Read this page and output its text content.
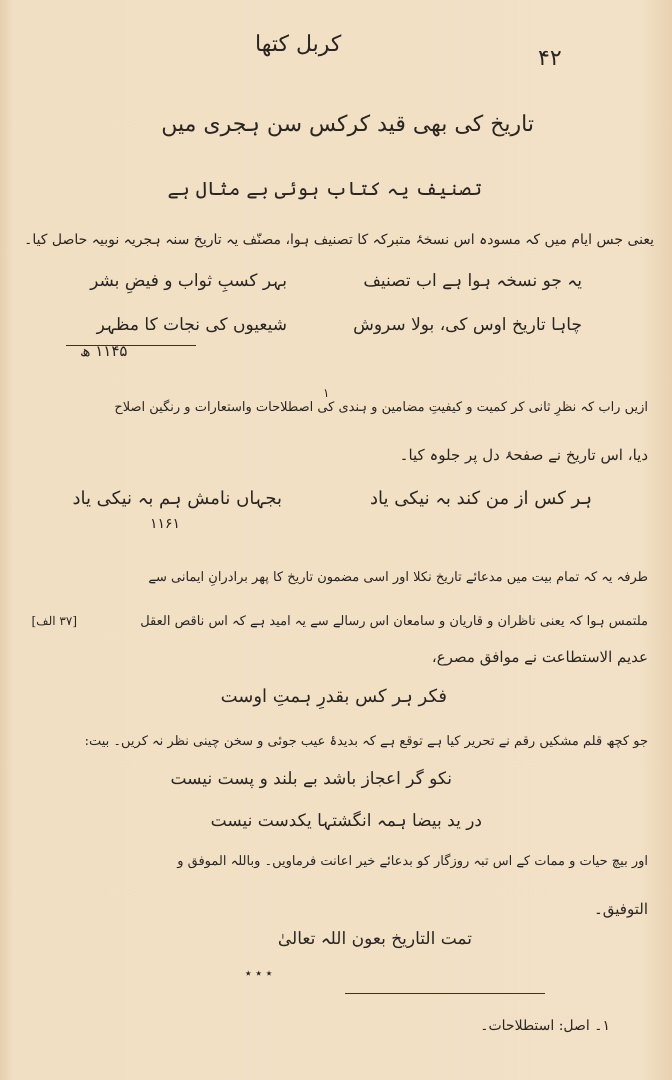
کربل کتھا
۴۲
تاریخ کی بھی قید کرکس سن ہجری میں
تصنیف یہ کتاب ہوئی بے مثال ہے
یعنی جس ایام میں کہ مسودہ اس نسخۂ متبرکہ کا تصنیف ہوا، مصنّف یہ تاریخ سنہ ہجریہ نوبیہ حاصل کیا۔
یہ جو نسخہ ہوا ہے اب تصنیف
بہر کسبِ ثواب و فیضِ بشر
چاہا تاریخ اوس کی، بولا سروش
شیعیوں کی نجات کا مظہر
۱۱۴۵ ھ
ازیں راب کہ نظرِ ثانی کر کمیت و کیفیتِ مضامین و ہندی کی اصطلاحات واستعارات و رنگین اصلاح
۱
دیا، اس تاریخ نے صفحۂ دل پر جلوہ کیا۔
ہر کس از من کند بہ نیکی یاد
بجہاں نامش ہم بہ نیکی یاد
۱۱۶۱
طرفہ یہ کہ تمام بیت میں مدعائے تاریخ نکلا اور اسی مضمون تاریخ کا پھر برادرانِ ایمانی سے
[۳۷ الف]	ملتمس ہوا کہ یعنی ناظران و قاریان و سامعان اس رسالے سے یہ امید ہے کہ اس ناقص العقل
عدیم الاستطاعت نے موافق مصرع،
فکر ہر کس بقدرِ ہمتِ اوست
جو کچھ قلم مشکیں رقم نے تحریر کیا ہے توقع ہے کہ بدیدۂ عیب جوئی و سخن چینی نظر نہ کریں۔ بیت:
نکو گر اعجاز باشد بے بلند و پست نیست
در ید بیضا ہمہ انگشتہا یکدست نیست
اور بیچ حیات و ممات کے اس تبہ روزگار کو بدعائے خیر اعانت فرماویں۔ وباللہ الموفق و
التوفیق۔
تمت التاریخ بعون اللہ تعالیٰ
٭ ٭ ٭
۱۔ اصل: استطلاحات۔
